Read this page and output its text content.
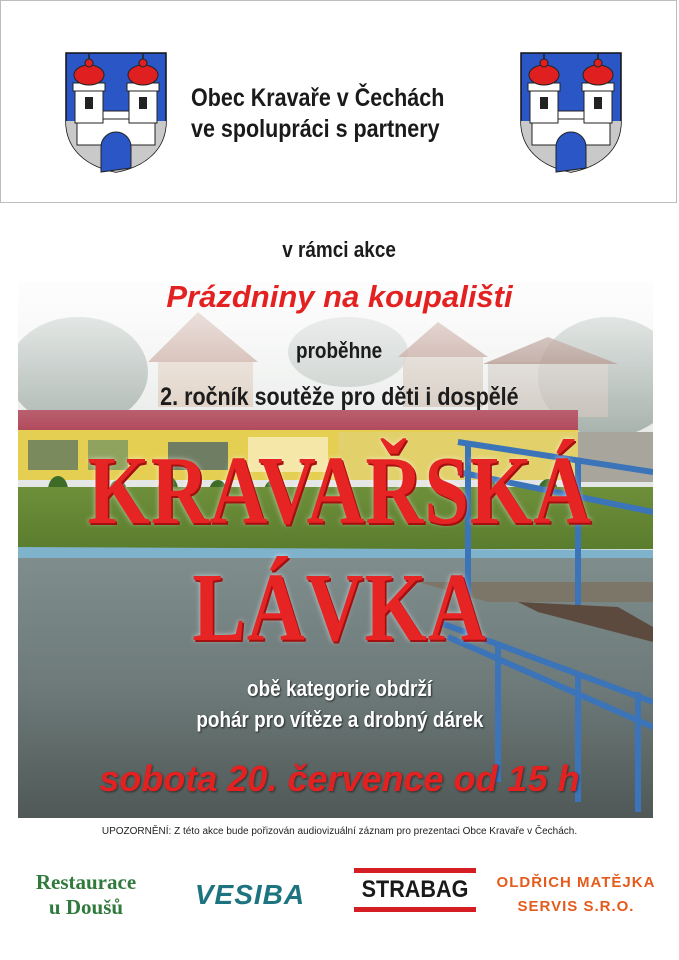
Obec Kravaře v Čechách
ve spolupráci s partnery
v rámci akce
Prázdniny na koupališti
proběhne
2. ročník soutěže pro děti i dospělé
KRAVAŘSKÁ
LÁVKA
obě kategorie obdrží
pohár pro vítěze a drobný dárek
sobota 20. července od 15 h
UPOZORNĚNÍ: Z této akce bude pořizován audiovizuální záznam pro prezentaci Obce Kravaře v Čechách.
Restaurace
u Doušů	VESIBA	STRABAG	OLDŘICH MATĚJKA
SERVIS S.R.O.
